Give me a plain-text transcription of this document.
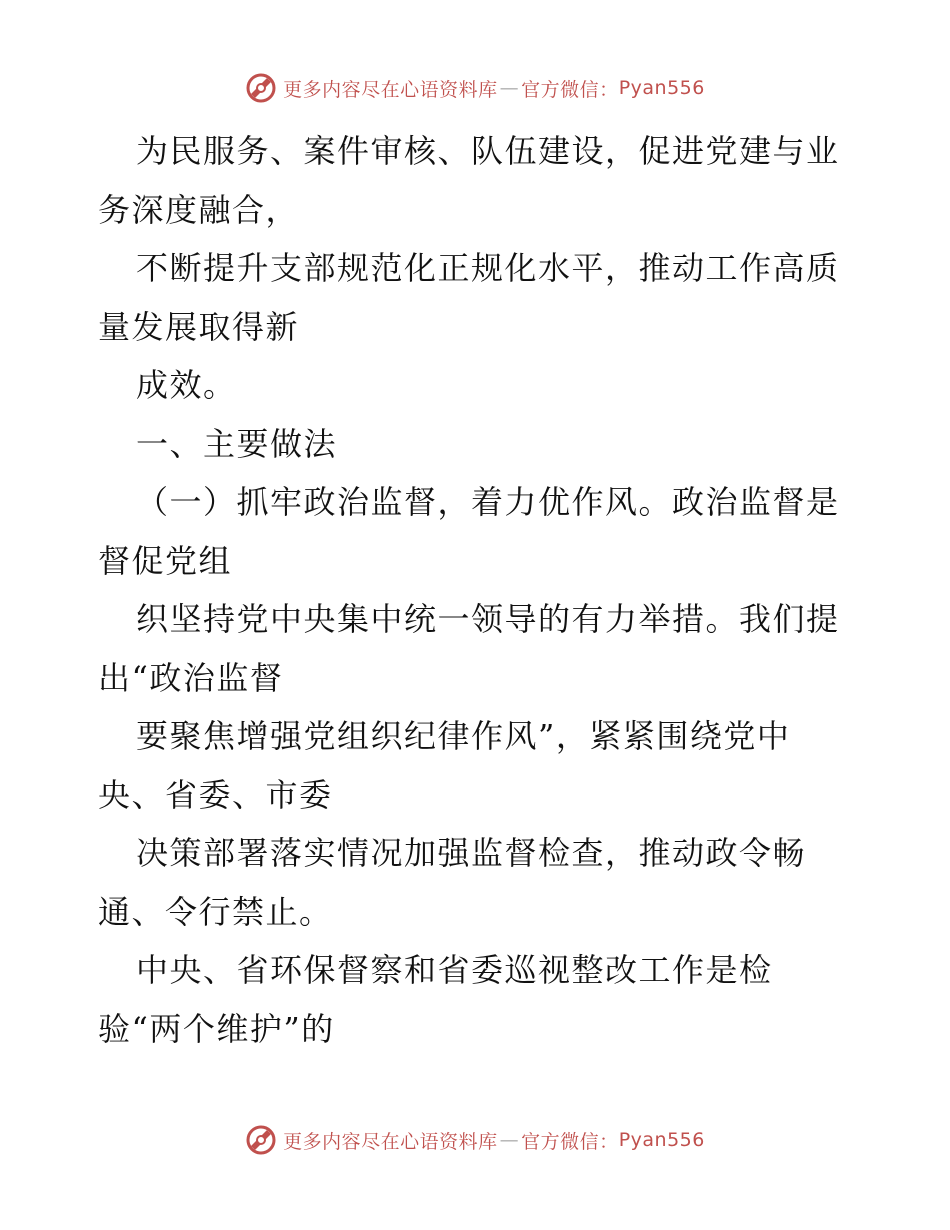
更多内容尽在心语资料库 — 官方微信： Pyan556
为民服务、案件审核、队伍建设，促进党建与业
务深度融合，
不断提升支部规范化正规化水平，推动工作高质
量发展取得新
成效。
一、主要做法
（一）抓牢政治监督，着力优作风。政治监督是
督促党组
织坚持党中央集中统一领导的有力举措。我们提
出“政治监督
要聚焦增强党组织纪律作风”，紧紧围绕党中
央、省委、市委
决策部署落实情况加强监督检查，推动政令畅
通、令行禁止。
中央、省环保督察和省委巡视整改工作是检
验“两个维护”的
更多内容尽在心语资料库 — 官方微信： Pyan556
